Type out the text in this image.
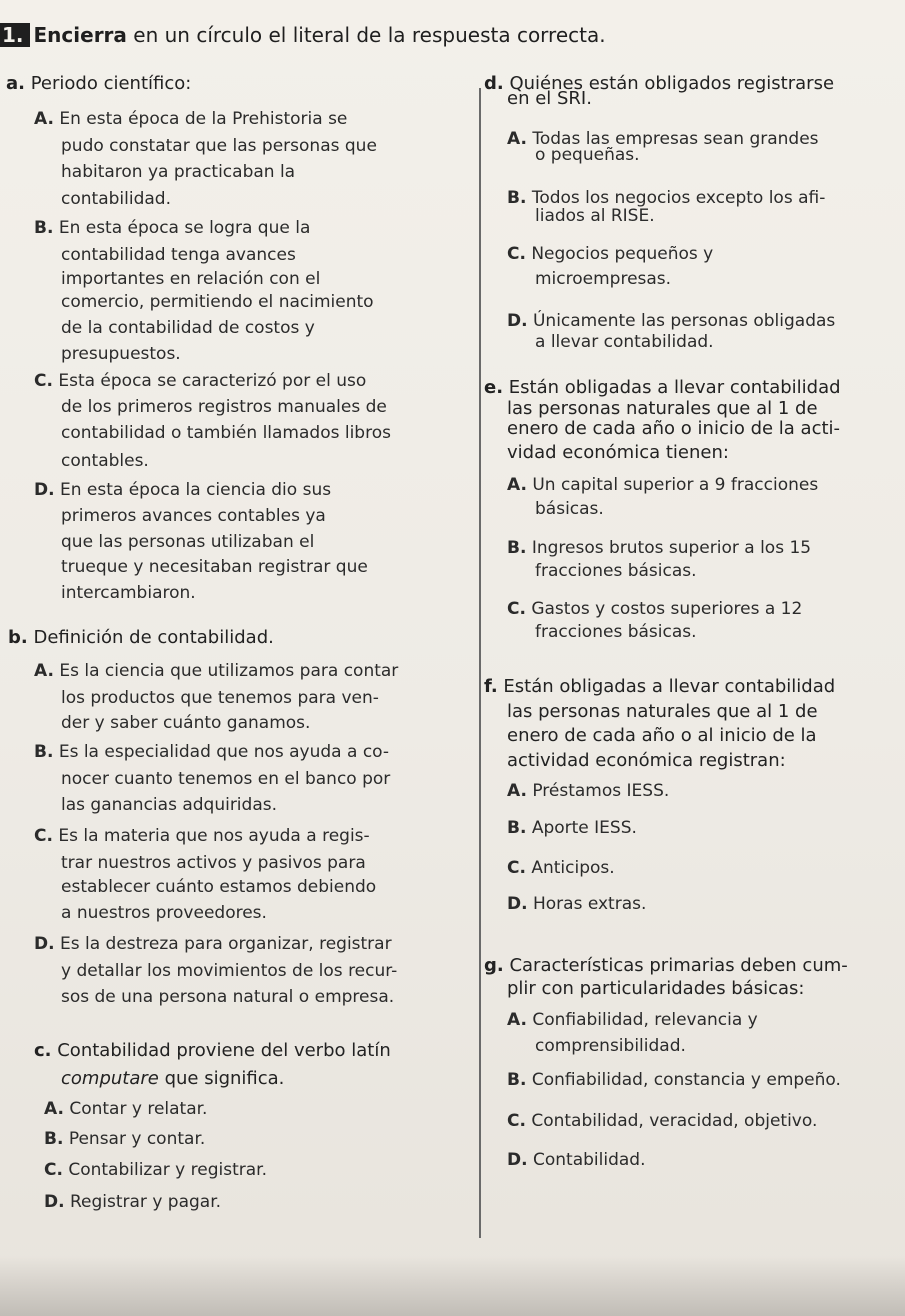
1. Encierra en un círculo el literal de la respuesta correcta.
a. Periodo científico:
A. En esta época de la Prehistoria se
pudo constatar que las personas que
habitaron ya practicaban la
contabilidad.
B. En esta época se logra que la
contabilidad tenga avances
importantes en relación con el
comercio, permitiendo el nacimiento
de la contabilidad de costos y
presupuestos.
C. Esta época se caracterizó por el uso
de los primeros registros manuales de
contabilidad o también llamados libros
contables.
D. En esta época la ciencia dio sus
primeros avances contables ya
que las personas utilizaban el
trueque y necesitaban registrar que
intercambiaron.
b. Definición de contabilidad.
A. Es la ciencia que utilizamos para contar
los productos que tenemos para ven-
der y saber cuánto ganamos.
B. Es la especialidad que nos ayuda a co-
nocer cuanto tenemos en el banco por
las ganancias adquiridas.
C. Es la materia que nos ayuda a regis-
trar nuestros activos y pasivos para
establecer cuánto estamos debiendo
a nuestros proveedores.
D. Es la destreza para organizar, registrar
y detallar los movimientos de los recur-
sos de una persona natural o empresa.
c. Contabilidad proviene del verbo latín
computare que significa.
A. Contar y relatar.
B. Pensar y contar.
C. Contabilizar y registrar.
D. Registrar y pagar.
d. Quiénes están obligados registrarse
en el SRI.
A. Todas las empresas sean grandes
o pequeñas.
B. Todos los negocios excepto los afi-
liados al RISE.
C. Negocios pequeños y
microempresas.
D. Únicamente las personas obligadas
a llevar contabilidad.
e. Están obligadas a llevar contabilidad
las personas naturales que al 1 de
enero de cada año o inicio de la acti-
vidad económica tienen:
A. Un capital superior a 9 fracciones
básicas.
B. Ingresos brutos superior a los 15
fracciones básicas.
C. Gastos y costos superiores a 12
fracciones básicas.
f. Están obligadas a llevar contabilidad
las personas naturales que al 1 de
enero de cada año o al inicio de la
actividad económica registran:
A. Préstamos IESS.
B. Aporte IESS.
C. Anticipos.
D. Horas extras.
g. Características primarias deben cum-
plir con particularidades básicas:
A. Confiabilidad, relevancia y
comprensibilidad.
B. Confiabilidad, constancia y empeño.
C. Contabilidad, veracidad, objetivo.
D. Contabilidad.
